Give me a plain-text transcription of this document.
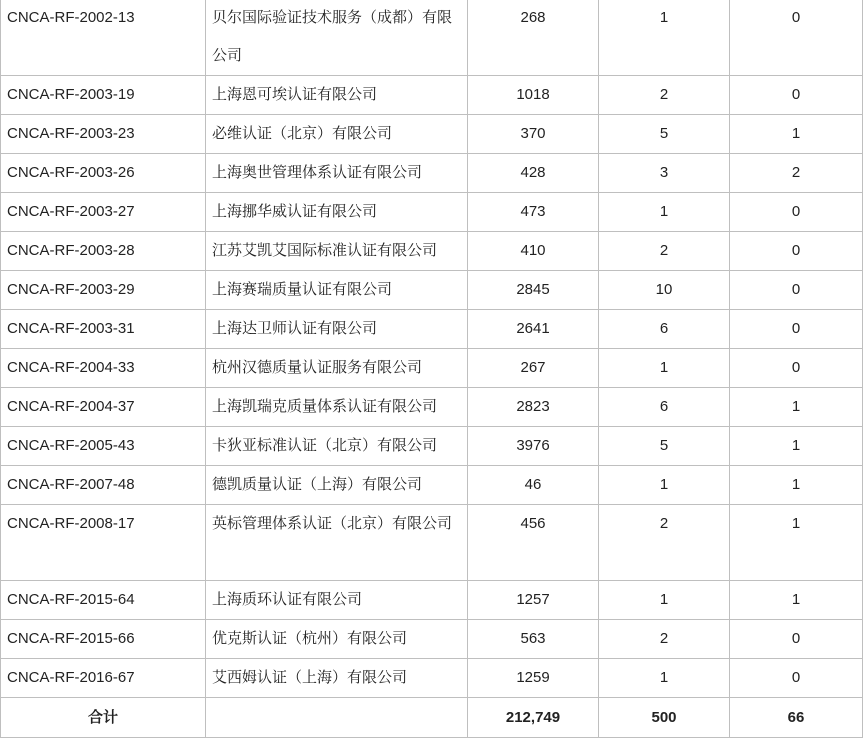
CNCA-RF-2002-13	贝尔国际验证技术服务（成都）有限公司	268	1	0
CNCA-RF-2003-19	上海恩可埃认证有限公司	1018	2	0
CNCA-RF-2003-23	必维认证（北京）有限公司	370	5	1
CNCA-RF-2003-26	上海奥世管理体系认证有限公司	428	3	2
CNCA-RF-2003-27	上海挪华威认证有限公司	473	1	0
CNCA-RF-2003-28	江苏艾凯艾国际标准认证有限公司	410	2	0
CNCA-RF-2003-29	上海赛瑞质量认证有限公司	2845	10	0
CNCA-RF-2003-31	上海达卫师认证有限公司	2641	6	0
CNCA-RF-2004-33	杭州汉德质量认证服务有限公司	267	1	0
CNCA-RF-2004-37	上海凯瑞克质量体系认证有限公司	2823	6	1
CNCA-RF-2005-43	卡狄亚标准认证（北京）有限公司	3976	5	1
CNCA-RF-2007-48	德凯质量认证（上海）有限公司	46	1	1
CNCA-RF-2008-17	英标管理体系认证（北京）有限公司	456	2	1
CNCA-RF-2015-64	上海质环认证有限公司	1257	1	1
CNCA-RF-2015-66	优克斯认证（杭州）有限公司	563	2	0
CNCA-RF-2016-67	艾西姆认证（上海）有限公司	1259	1	0
合计		212,749	500	66
